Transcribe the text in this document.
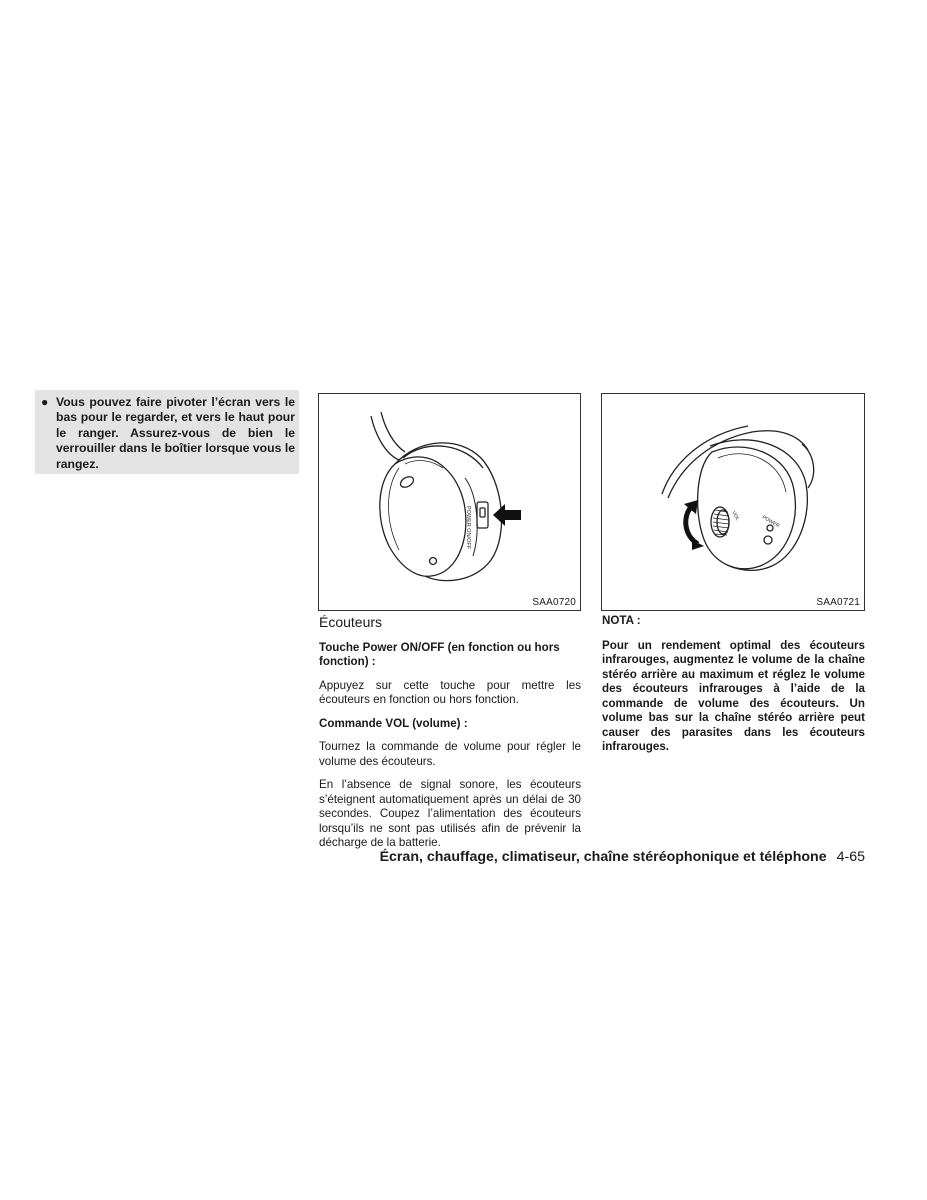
● Vous pouvez faire pivoter l’écran vers le bas pour le regarder, et vers le haut pour le ranger. Assurez-vous de bien le verrouiller dans le boîtier lorsque vous le rangez.
POWER ON/OFF
SAA0720
VOL	POWER
SAA0721
Écouteurs
Touche Power ON/OFF (en fonction ou hors fonction) :

Appuyez sur cette touche pour mettre les écouteurs en fonction ou hors fonction.

Commande VOL (volume) :

Tournez la commande de volume pour régler le volume des écouteurs.

En l’absence de signal sonore, les écouteurs s’éteignent automatiquement après un délai de 30 secondes. Coupez l’alimentation des écouteurs lorsqu’ils ne sont pas utilisés afin de prévenir la décharge de la batterie.

NOTA :

Pour un rendement optimal des écouteurs infrarouges, augmentez le volume de la chaîne stéréo arrière au maximum et réglez le volume des écouteurs infrarouges à l’aide de la commande de volume des écouteurs. Un volume bas sur la chaîne stéréo arrière peut causer des parasites dans les écouteurs infrarouges.

Écran, chauffage, climatiseur, chaîne stéréophonique et téléphone 4-65
